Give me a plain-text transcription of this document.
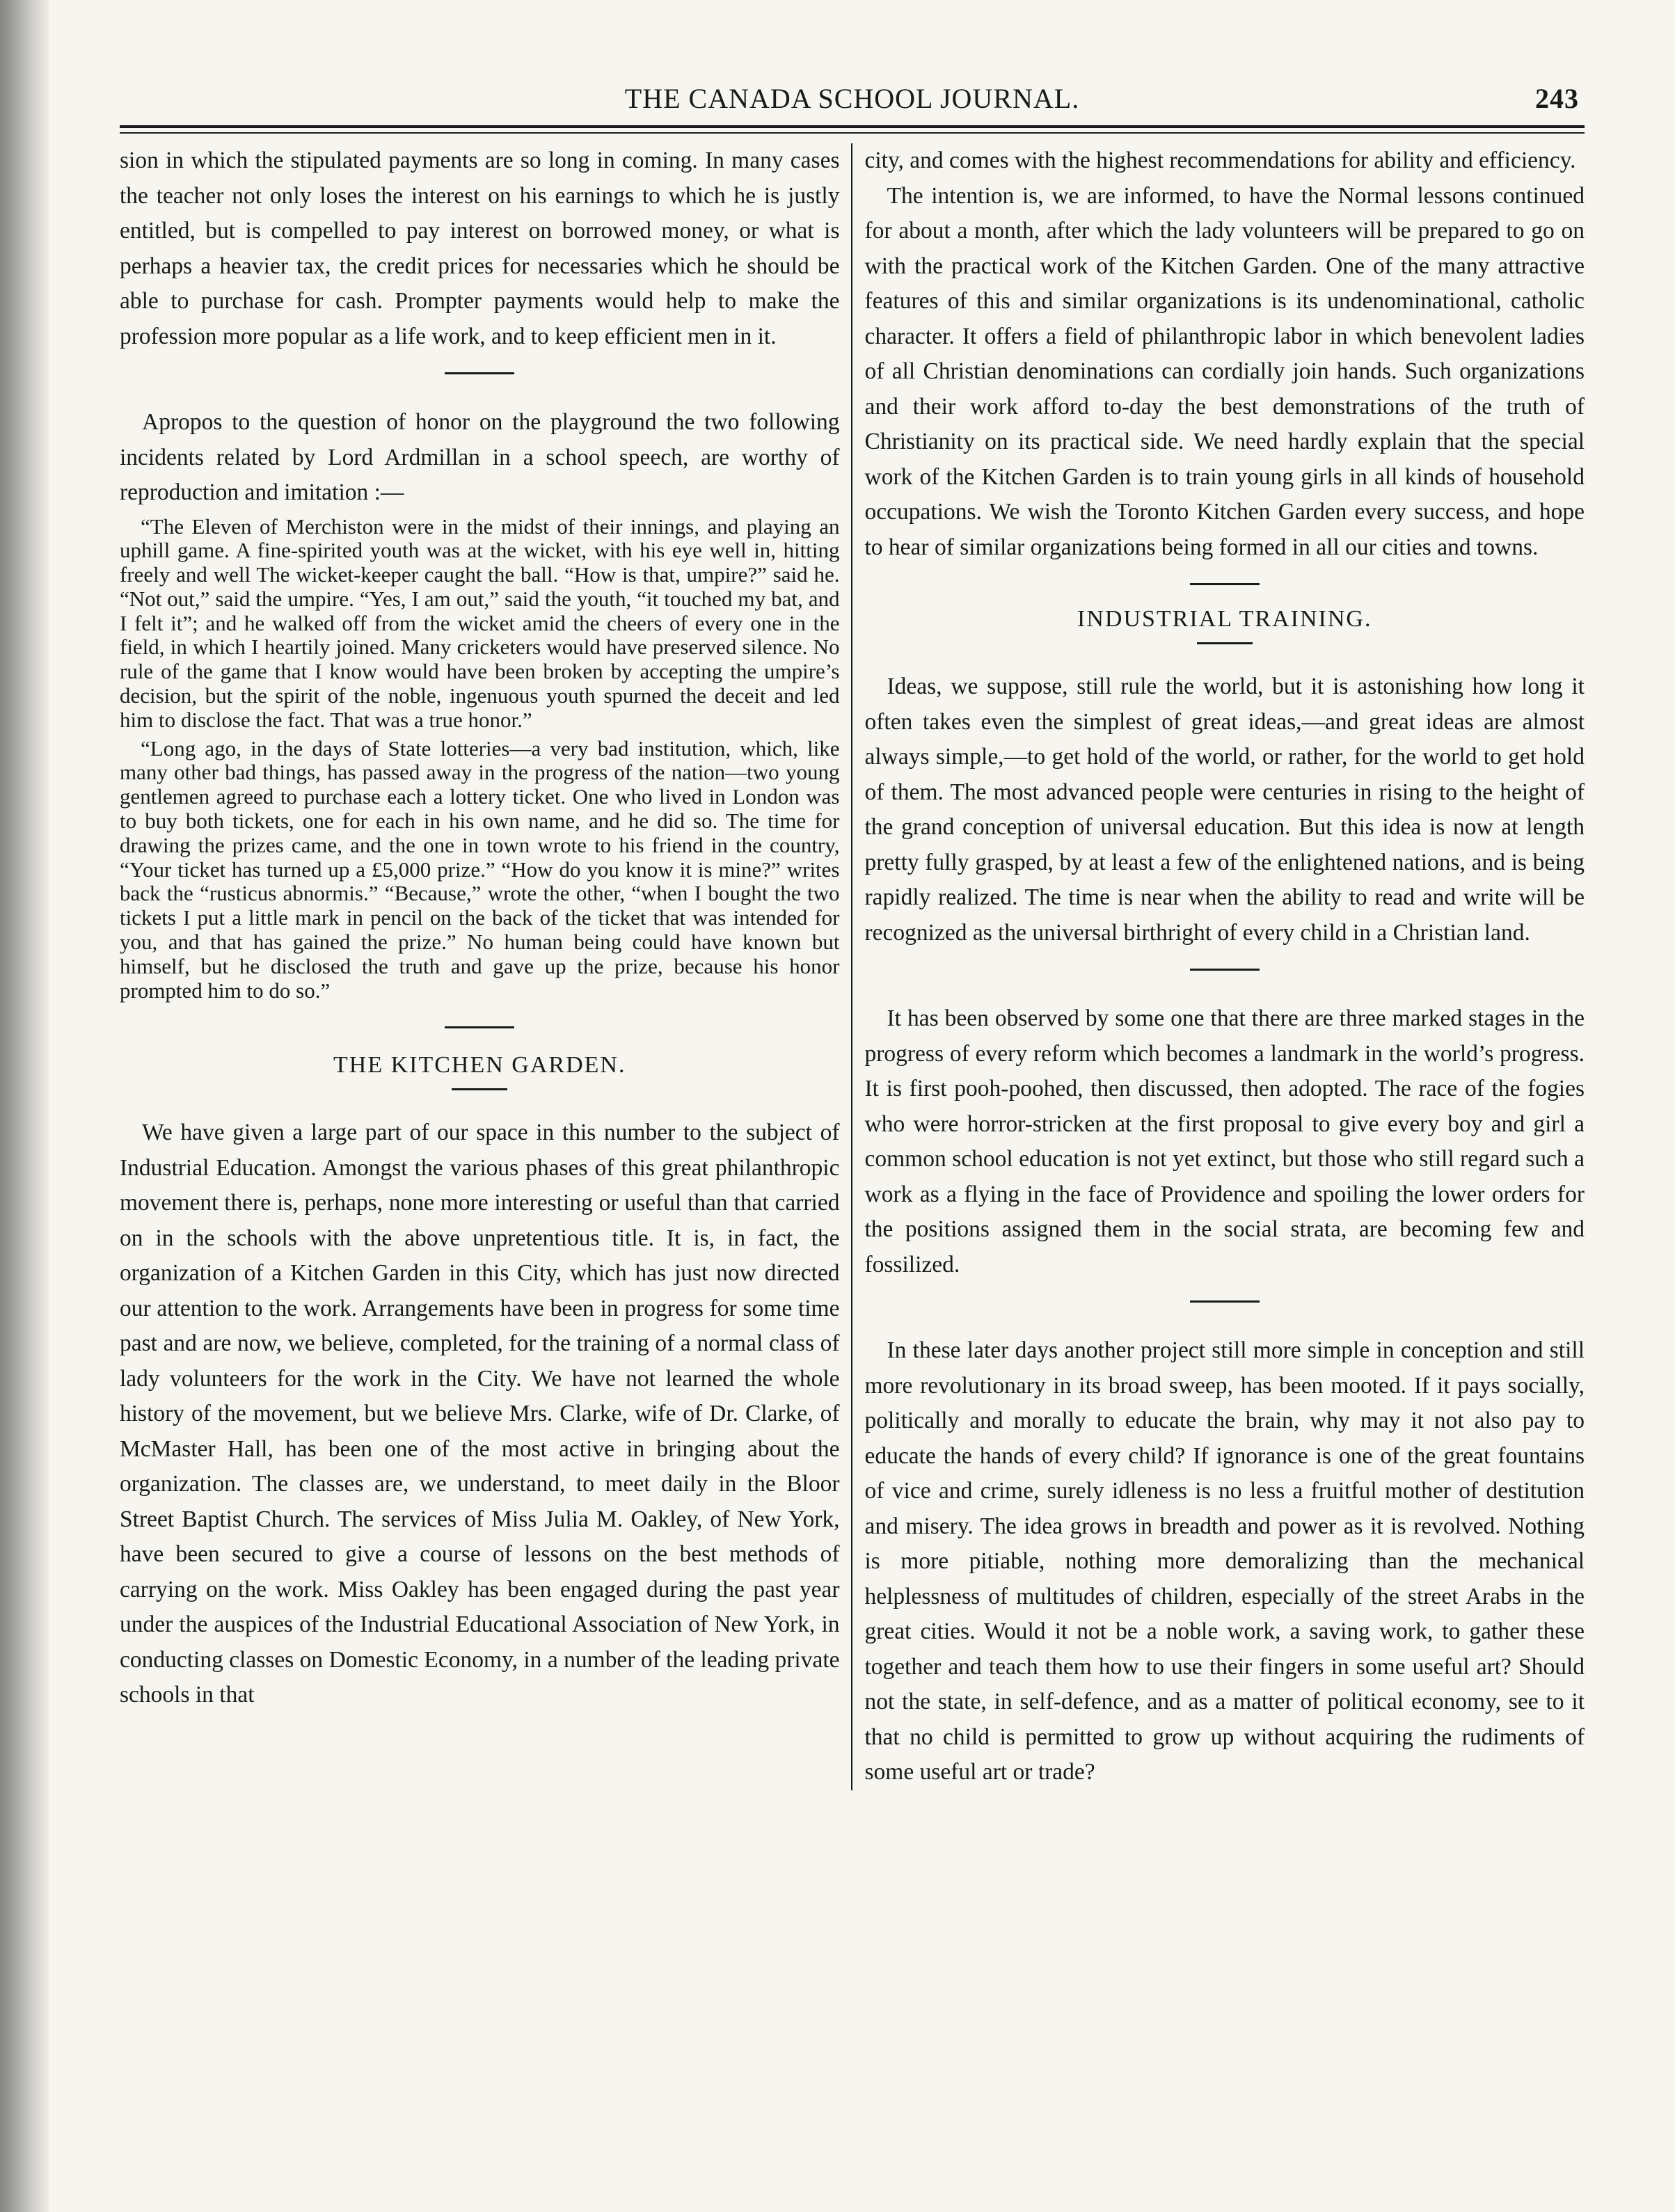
THE CANADA SCHOOL JOURNAL.	243

sion in which the stipulated payments are so long in coming. In many cases the teacher not only loses the interest on his earnings to which he is justly entitled, but is compelled to pay interest on borrowed money, or what is perhaps a heavier tax, the credit prices for necessaries which he should be able to purchase for cash. Prompter payments would help to make the profession more popular as a life work, and to keep efficient men in it.

Apropos to the question of honor on the playground the two following incidents related by Lord Ardmillan in a school speech, are worthy of reproduction and imitation :—

“The Eleven of Merchiston were in the midst of their innings, and playing an uphill game. A fine-spirited youth was at the wicket, with his eye well in, hitting freely and well The wicket-keeper caught the ball. “How is that, umpire?” said he. “Not out,” said the umpire. “Yes, I am out,” said the youth, “it touched my bat, and I felt it”; and he walked off from the wicket amid the cheers of every one in the field, in which I heartily joined. Many cricketers would have preserved silence. No rule of the game that I know would have been broken by accepting the umpire’s decision, but the spirit of the noble, ingenuous youth spurned the deceit and led him to disclose the fact. That was a true honor.”

“Long ago, in the days of State lotteries—a very bad institution, which, like many other bad things, has passed away in the progress of the nation—two young gentlemen agreed to purchase each a lottery ticket. One who lived in London was to buy both tickets, one for each in his own name, and he did so. The time for drawing the prizes came, and the one in town wrote to his friend in the country, “Your ticket has turned up a £5,000 prize.” “How do you know it is mine?” writes back the “rusticus abnormis.” “Because,” wrote the other, “when I bought the two tickets I put a little mark in pencil on the back of the ticket that was intended for you, and that has gained the prize.” No human being could have known but himself, but he disclosed the truth and gave up the prize, because his honor prompted him to do so.”

THE KITCHEN GARDEN.

We have given a large part of our space in this number to the subject of Industrial Education. Amongst the various phases of this great philanthropic movement there is, perhaps, none more interesting or useful than that carried on in the schools with the above unpretentious title. It is, in fact, the organization of a Kitchen Garden in this City, which has just now directed our attention to the work. Arrangements have been in progress for some time past and are now, we believe, completed, for the training of a normal class of lady volunteers for the work in the City. We have not learned the whole history of the movement, but we believe Mrs. Clarke, wife of Dr. Clarke, of McMaster Hall, has been one of the most active in bringing about the organization. The classes are, we understand, to meet daily in the Bloor Street Baptist Church. The services of Miss Julia M. Oakley, of New York, have been secured to give a course of lessons on the best methods of carrying on the work. Miss Oakley has been engaged during the past year under the auspices of the Industrial Educational Association of New York, in conducting classes on Domestic Economy, in a number of the leading private schools in that

city, and comes with the highest recommendations for ability and efficiency.

The intention is, we are informed, to have the Normal lessons continued for about a month, after which the lady volunteers will be prepared to go on with the practical work of the Kitchen Garden. One of the many attractive features of this and similar organizations is its undenominational, catholic character. It offers a field of philanthropic labor in which benevolent ladies of all Christian denominations can cordially join hands. Such organizations and their work afford to-day the best demonstrations of the truth of Christianity on its practical side. We need hardly explain that the special work of the Kitchen Garden is to train young girls in all kinds of household occupations. We wish the Toronto Kitchen Garden every success, and hope to hear of similar organizations being formed in all our cities and towns.

INDUSTRIAL TRAINING.

Ideas, we suppose, still rule the world, but it is astonishing how long it often takes even the simplest of great ideas,—and great ideas are almost always simple,—to get hold of the world, or rather, for the world to get hold of them. The most advanced people were centuries in rising to the height of the grand conception of universal education. But this idea is now at length pretty fully grasped, by at least a few of the enlightened nations, and is being rapidly realized. The time is near when the ability to read and write will be recognized as the universal birthright of every child in a Christian land.

It has been observed by some one that there are three marked stages in the progress of every reform which becomes a landmark in the world’s progress. It is first pooh-poohed, then discussed, then adopted. The race of the fogies who were horror-stricken at the first proposal to give every boy and girl a common school education is not yet extinct, but those who still regard such a work as a flying in the face of Providence and spoiling the lower orders for the positions assigned them in the social strata, are becoming few and fossilized.

In these later days another project still more simple in conception and still more revolutionary in its broad sweep, has been mooted. If it pays socially, politically and morally to educate the brain, why may it not also pay to educate the hands of every child? If ignorance is one of the great fountains of vice and crime, surely idleness is no less a fruitful mother of destitution and misery. The idea grows in breadth and power as it is revolved. Nothing is more pitiable, nothing more demoralizing than the mechanical helplessness of multitudes of children, especially of the street Arabs in the great cities. Would it not be a noble work, a saving work, to gather these together and teach them how to use their fingers in some useful art? Should not the state, in self-defence, and as a matter of political economy, see to it that no child is permitted to grow up without acquiring the rudiments of some useful art or trade?
